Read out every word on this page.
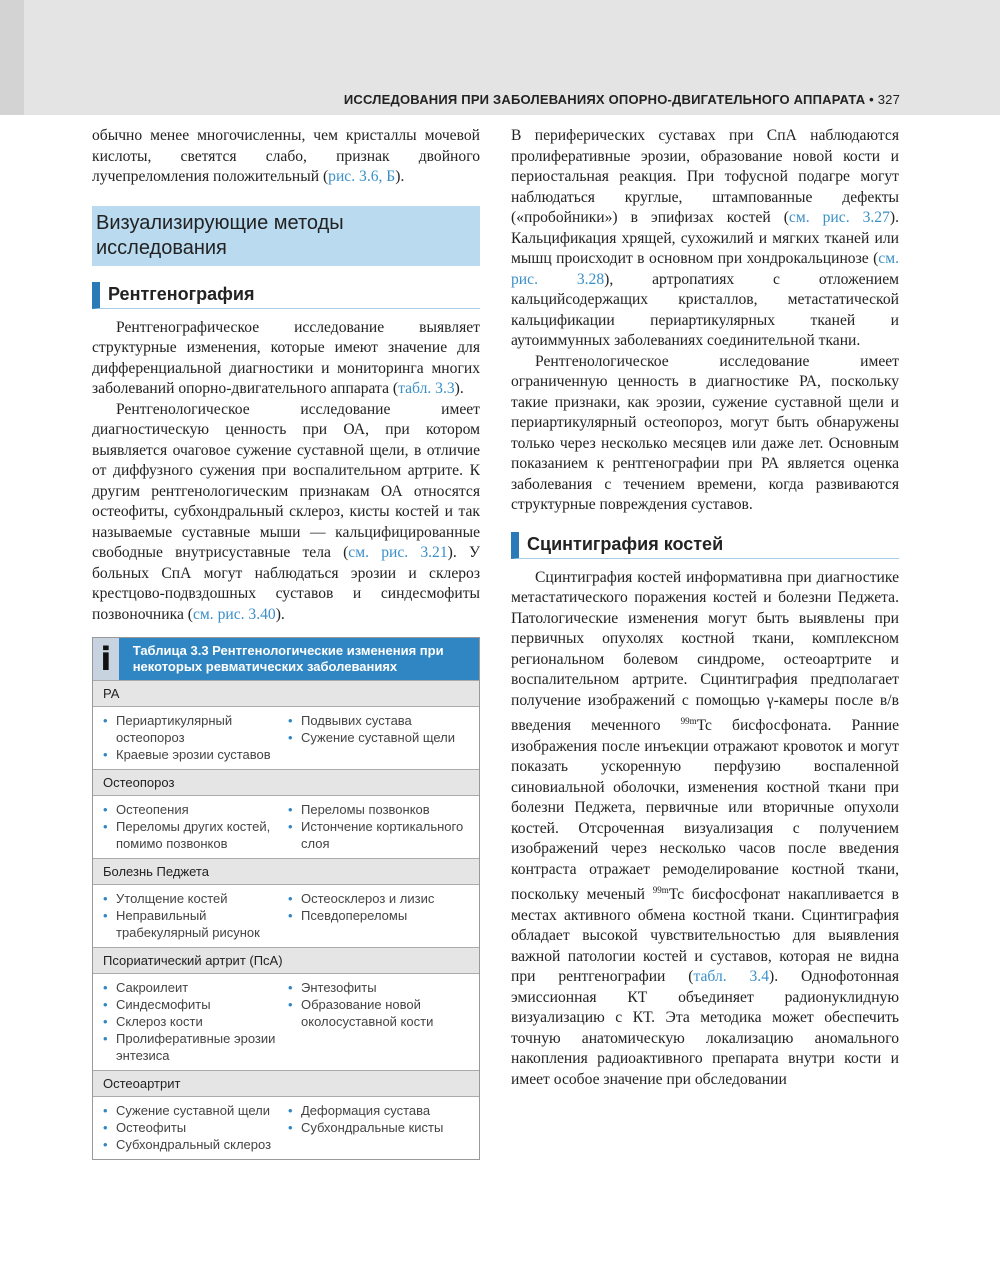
ИССЛЕДОВАНИЯ ПРИ ЗАБОЛЕВАНИЯХ ОПОРНО-ДВИГАТЕЛЬНОГО АППАРАТА • 327

обычно менее многочисленны, чем кристаллы мочевой кислоты, светятся слабо, признак двойного лучепреломления положительный (рис. 3.6, Б).

Визуализирующие методы исследования
Рентгенография

Рентгенографическое исследование выявляет структурные изменения, которые имеют значение для дифференциальной диагностики и мониторинга многих заболеваний опорно-двигательного аппарата (табл. 3.3).

Рентгенологическое исследование имеет диагностическую ценность при ОА, при котором выявляется очаговое сужение суставной щели, в отличие от диффузного сужения при воспалительном артрите. К другим рентгенологическим признакам ОА относятся остеофиты, субхондральный склероз, кисты костей и так называемые суставные мыши — кальцифицированные свободные внутрисуставные тела (см. рис. 3.21). У больных СпА могут наблюдаться эрозии и склероз крестцово-подвздошных суставов и синдесмофиты позвоночника (см. рис. 3.40).

i	Таблица 3.3 Рентгенологические изменения при некоторых ревматических заболеваниях
РА
• Периартикулярный остеопороз
• Краевые эрозии суставов
• Подвывих сустава
• Сужение суставной щели
Остеопороз
• Остеопения
• Переломы других костей, помимо позвонков
• Переломы позвонков
• Истончение кортикального слоя
Болезнь Педжета
• Утолщение костей
• Неправильный трабекулярный рисунок
• Остеосклероз и лизис
• Псевдопереломы
Псориатический артрит (ПсА)
• Сакроилеит
• Синдесмофиты
• Склероз кости
• Пролиферативные эрозии энтезиса
• Энтезофиты
• Образование новой околосуставной кости
Остеоартрит
• Сужение суставной щели
• Остеофиты
• Субхондральный склероз
• Деформация сустава
• Субхондральные кисты

В периферических суставах при СпА наблюдаются пролиферативные эрозии, образование новой кости и периостальная реакция. При тофусной подагре могут наблюдаться круглые, штампованные дефекты («пробойники») в эпифизах костей (см. рис. 3.27). Кальцификация хрящей, сухожилий и мягких тканей или мышц происходит в основном при хондрокальцинозе (см. рис. 3.28), артропатиях с отложением кальцийсодержащих кристаллов, метастатической кальцификации периартикулярных тканей и аутоиммунных заболеваниях соединительной ткани.

Рентгенологическое исследование имеет ограниченную ценность в диагностике РА, поскольку такие признаки, как эрозии, сужение суставной щели и периартикулярный остеопороз, могут быть обнаружены только через несколько месяцев или даже лет. Основным показанием к рентгенографии при РА является оценка заболевания с течением времени, когда развиваются структурные повреждения суставов.

Сцинтиграфия костей

Сцинтиграфия костей информативна при диагностике метастатического поражения костей и болезни Педжета. Патологические изменения могут быть выявлены при первичных опухолях костной ткани, комплексном региональном болевом синдроме, остеоартрите и воспалительном артрите. Сцинтиграфия предполагает получение изображений с помощью γ-камеры после в/в введения меченного $^{99m}$Tc бисфосфоната. Ранние изображения после инъекции отражают кровоток и могут показать ускоренную перфузию воспаленной синовиальной оболочки, изменения костной ткани при болезни Педжета, первичные или вторичные опухоли костей. Отсроченная визуализация с получением изображений через несколько часов после введения контраста отражает ремоделирование костной ткани, поскольку меченый $^{99m}$Tc бисфосфонат накапливается в местах активного обмена костной ткани. Сцинтиграфия обладает высокой чувствительностью для выявления важной патологии костей и суставов, которая не видна при рентгенографии (табл. 3.4). Однофотонная эмиссионная КТ объединяет радионуклидную визуализацию с КТ. Эта методика может обеспечить точную анатомическую локализацию аномального накопления радиоактивного препарата внутри кости и имеет особое значение при обследовании
